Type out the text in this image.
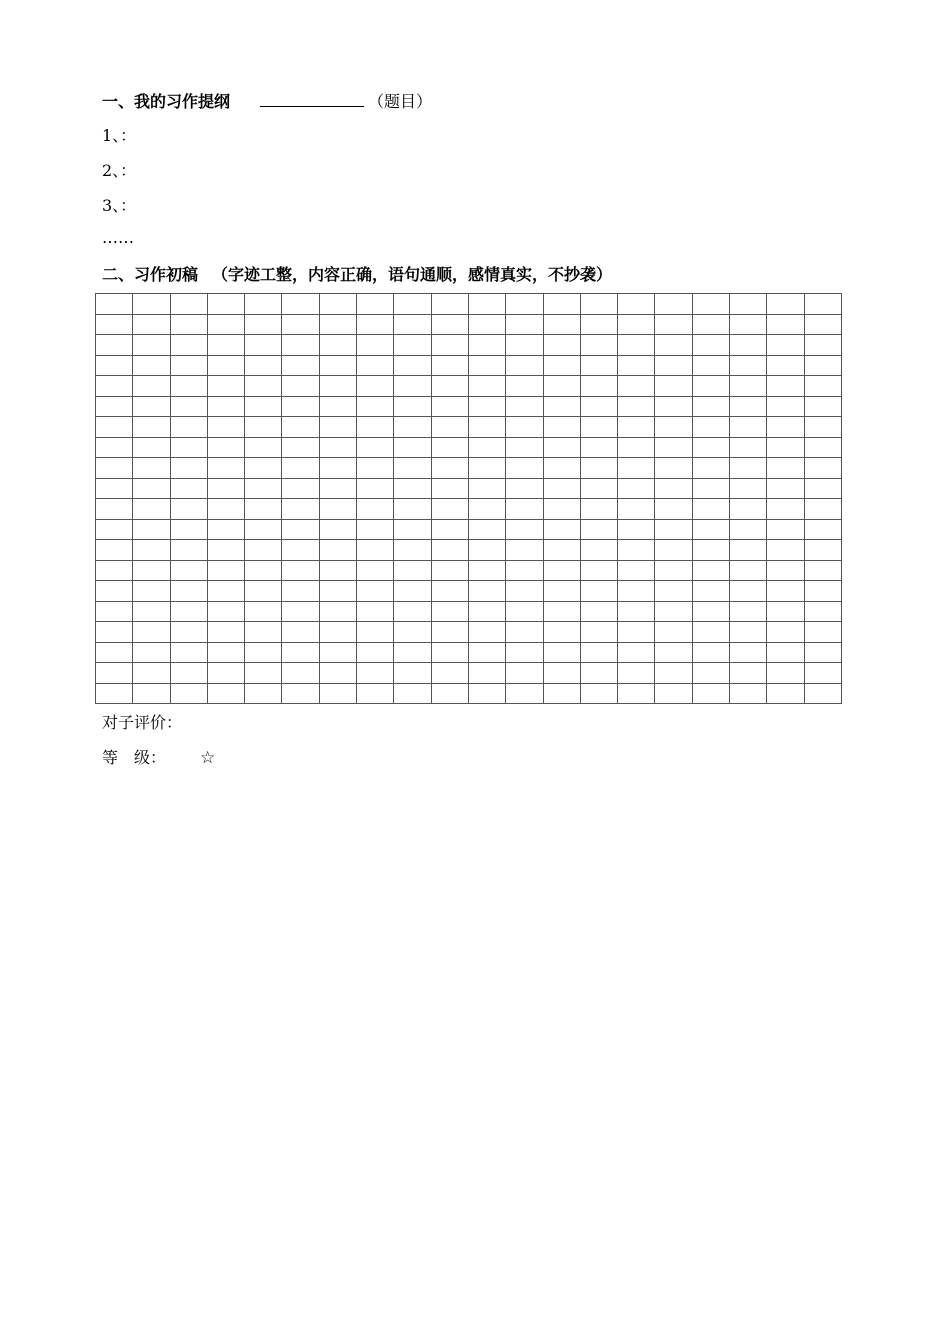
一、我的习作提纲	（题目）
1、：
2、：
3、：
……
二、习作初稿 （字迹工整，内容正确，语句通顺，感情真实，不抄袭）

对子评价：
等 级： ☆
